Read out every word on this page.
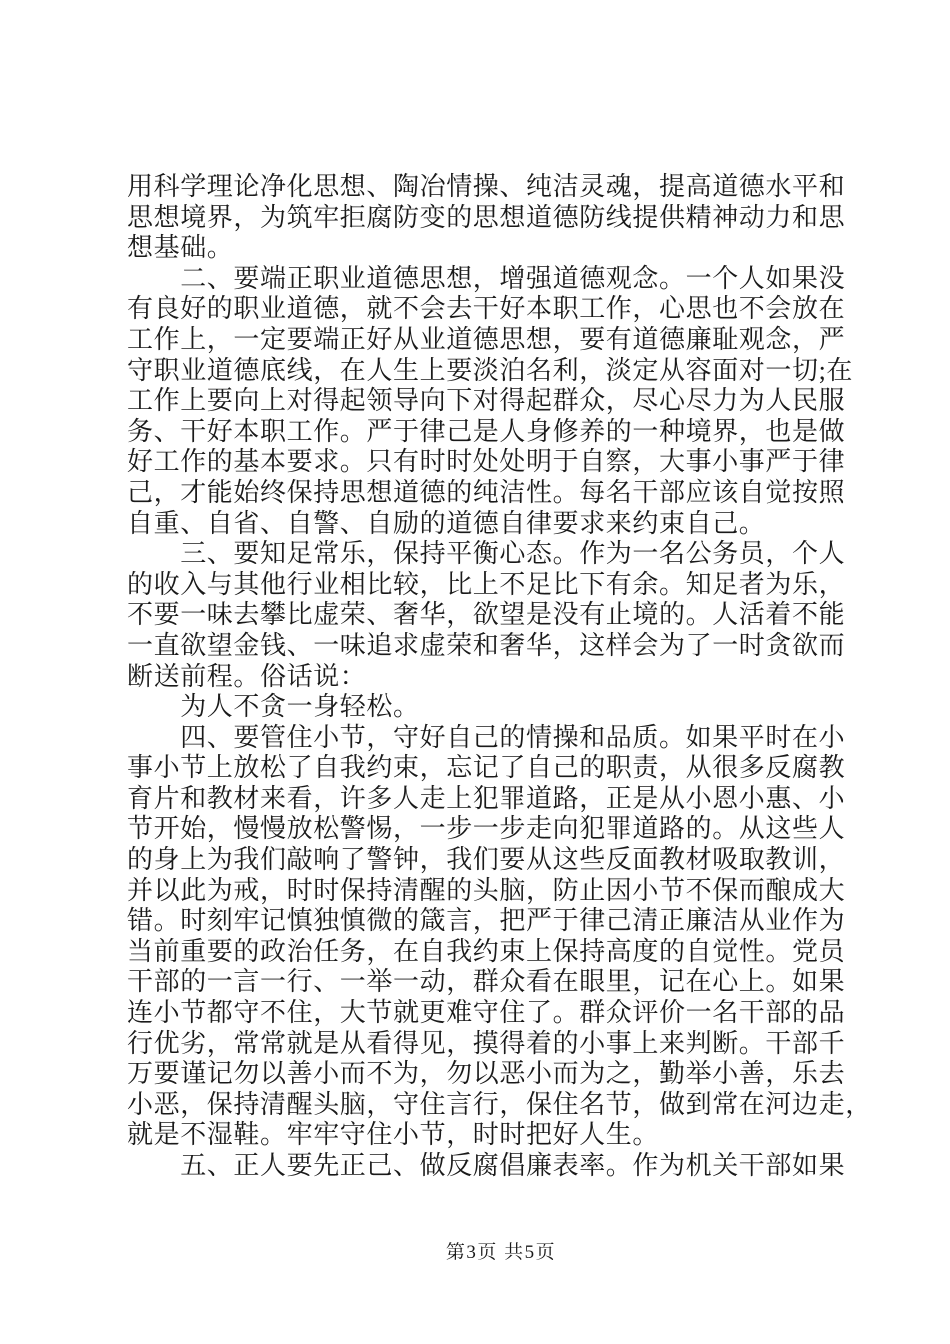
用科学理论净化思想、陶冶情操、纯洁灵魂，提高道德水平和
思想境界，为筑牢拒腐防变的思想道德防线提供精神动力和思
想基础。
　　二、要端正职业道德思想，增强道德观念。一个人如果没
有良好的职业道德，就不会去干好本职工作，心思也不会放在
工作上，一定要端正好从业道德思想，要有道德廉耻观念，严
守职业道德底线，在人生上要淡泊名利，淡定从容面对一切;在
工作上要向上对得起领导向下对得起群众，尽心尽力为人民服
务、干好本职工作。严于律己是人身修养的一种境界，也是做
好工作的基本要求。只有时时处处明于自察，大事小事严于律
己，才能始终保持思想道德的纯洁性。每名干部应该自觉按照
自重、自省、自警、自励的道德自律要求来约束自己。
　　三、要知足常乐，保持平衡心态。作为一名公务员，个人
的收入与其他行业相比较，比上不足比下有余。知足者为乐，
不要一味去攀比虚荣、奢华，欲望是没有止境的。人活着不能
一直欲望金钱、一味追求虚荣和奢华，这样会为了一时贪欲而
断送前程。俗话说：
　　为人不贪一身轻松。
　　四、要管住小节，守好自己的情操和品质。如果平时在小
事小节上放松了自我约束，忘记了自己的职责，从很多反腐教
育片和教材来看，许多人走上犯罪道路，正是从小恩小惠、小
节开始，慢慢放松警惕，一步一步走向犯罪道路的。从这些人
的身上为我们敲响了警钟，我们要从这些反面教材吸取教训，
并以此为戒，时时保持清醒的头脑，防止因小节不保而酿成大
错。时刻牢记慎独慎微的箴言，把严于律己清正廉洁从业作为
当前重要的政治任务，在自我约束上保持高度的自觉性。党员
干部的一言一行、一举一动，群众看在眼里，记在心上。如果
连小节都守不住，大节就更难守住了。群众评价一名干部的品
行优劣，常常就是从看得见，摸得着的小事上来判断。干部千
万要谨记勿以善小而不为，勿以恶小而为之，勤举小善，乐去
小恶，保持清醒头脑，守住言行，保住名节，做到常在河边走，
就是不湿鞋。牢牢守住小节，时时把好人生。
　　五、正人要先正己、做反腐倡廉表率。作为机关干部如果
第3页 共5页
